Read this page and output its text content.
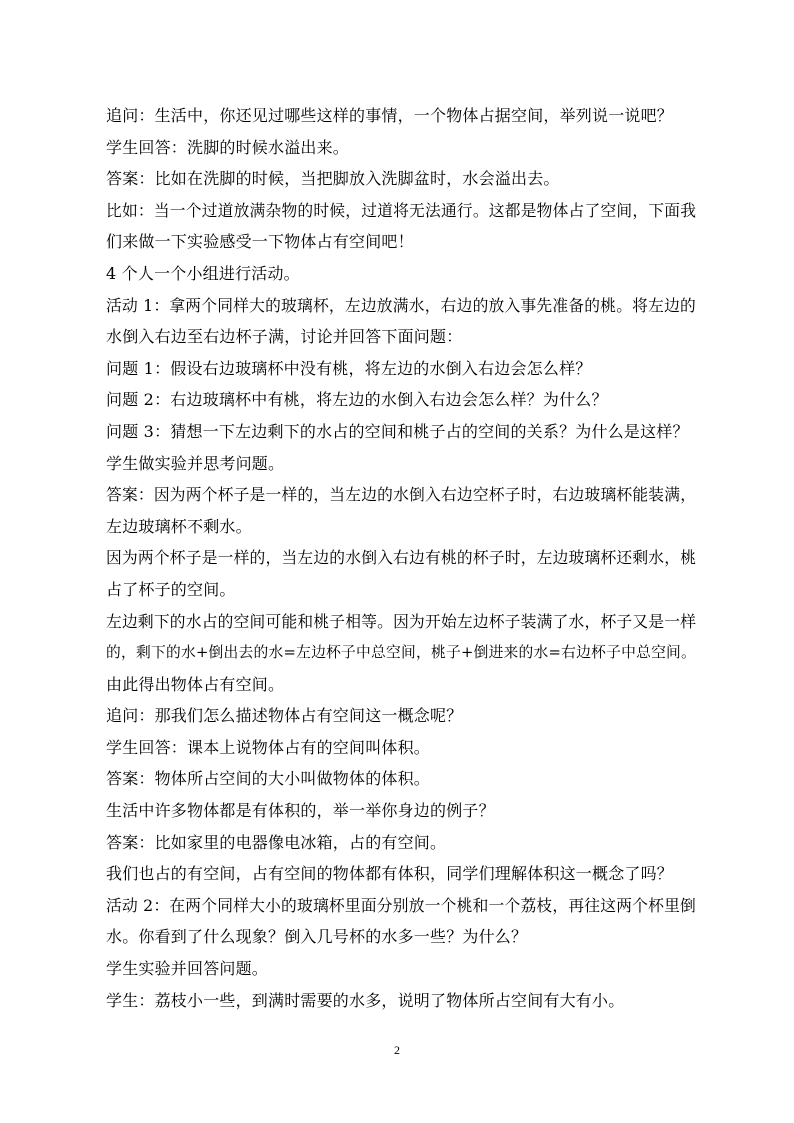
追问：生活中，你还见过哪些这样的事情，一个物体占据空间，举列说一说吧？

学生回答：洗脚的时候水溢出来。

答案：比如在洗脚的时候，当把脚放入洗脚盆时，水会溢出去。

比如：当一个过道放满杂物的时候，过道将无法通行。这都是物体占了空间，下面我
们来做一下实验感受一下物体占有空间吧！

4 个人一个小组进行活动。

活动 1：拿两个同样大的玻璃杯，左边放满水，右边的放入事先准备的桃。将左边的
水倒入右边至右边杯子满，讨论并回答下面问题：

问题 1：假设右边玻璃杯中没有桃，将左边的水倒入右边会怎么样？

问题 2：右边玻璃杯中有桃，将左边的水倒入右边会怎么样？为什么？

问题 3：猜想一下左边剩下的水占的空间和桃子占的空间的关系？为什么是这样？

学生做实验并思考问题。

答案：因为两个杯子是一样的，当左边的水倒入右边空杯子时，右边玻璃杯能装满，
左边玻璃杯不剩水。

因为两个杯子是一样的，当左边的水倒入右边有桃的杯子时，左边玻璃杯还剩水，桃
占了杯子的空间。

左边剩下的水占的空间可能和桃子相等。因为开始左边杯子装满了水，杯子又是一样
的，剩下的水+倒出去的水=左边杯子中总空间，桃子+倒进来的水=右边杯子中总空间。
由此得出物体占有空间。

追问：那我们怎么描述物体占有空间这一概念呢？

学生回答：课本上说物体占有的空间叫体积。

答案：物体所占空间的大小叫做物体的体积。

生活中许多物体都是有体积的，举一举你身边的例子？

答案：比如家里的电器像电冰箱，占的有空间。

我们也占的有空间，占有空间的物体都有体积，同学们理解体积这一概念了吗？

活动 2：在两个同样大小的玻璃杯里面分别放一个桃和一个荔枝，再往这两个杯里倒
水。你看到了什么现象？倒入几号杯的水多一些？为什么？

学生实验并回答问题。

学生：荔枝小一些，到满时需要的水多，说明了物体所占空间有大有小。

2
